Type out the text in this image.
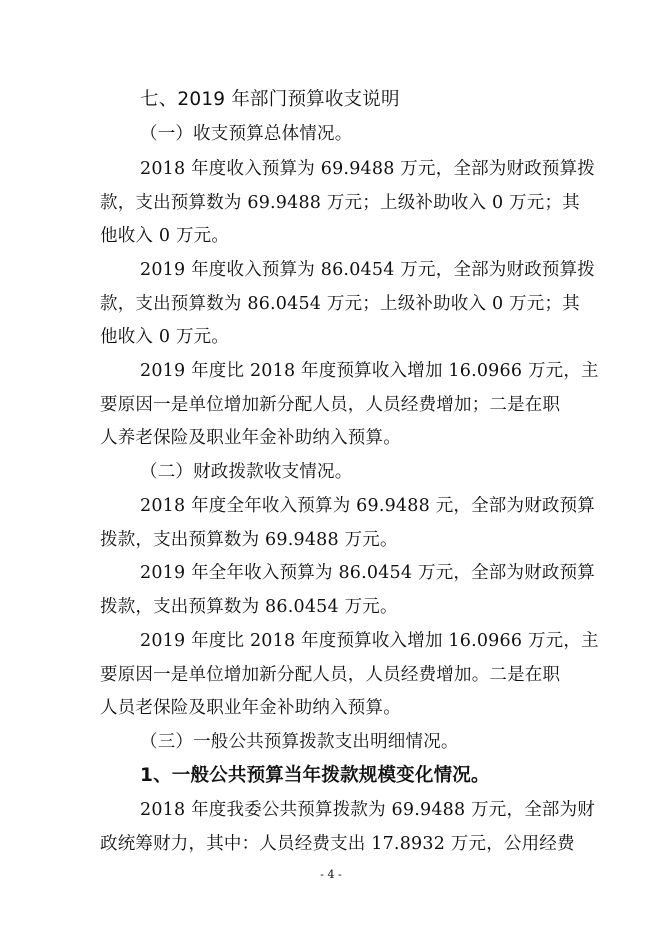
七、2019 年部门预算收支说明
（一）收支预算总体情况。
2018 年度收入预算为 69.9488 万元，全部为财政预算拨
款，支出预算数为 69.9488 万元；上级补助收入 0 万元；其
他收入 0 万元。
2019 年度收入预算为 86.0454 万元，全部为财政预算拨
款，支出预算数为 86.0454 万元；上级补助收入 0 万元；其
他收入 0 万元。
2019 年度比 2018 年度预算收入增加 16.0966 万元，主
要原因一是单位增加新分配人员，人员经费增加；二是在职
人养老保险及职业年金补助纳入预算。
（二）财政拨款收支情况。
2018 年度全年收入预算为 69.9488 元，全部为财政预算
拨款，支出预算数为 69.9488 万元。
2019 年全年收入预算为 86.0454 万元，全部为财政预算
拨款，支出预算数为 86.0454 万元。
2019 年度比 2018 年度预算收入增加 16.0966 万元，主
要原因一是单位增加新分配人员，人员经费增加。二是在职
人员老保险及职业年金补助纳入预算。
（三）一般公共预算拨款支出明细情况。
1、一般公共预算当年拨款规模变化情况。
2018 年度我委公共预算拨款为 69.9488 万元，全部为财
政统筹财力，其中：人员经费支出 17.8932 万元，公用经费
- 4 -
